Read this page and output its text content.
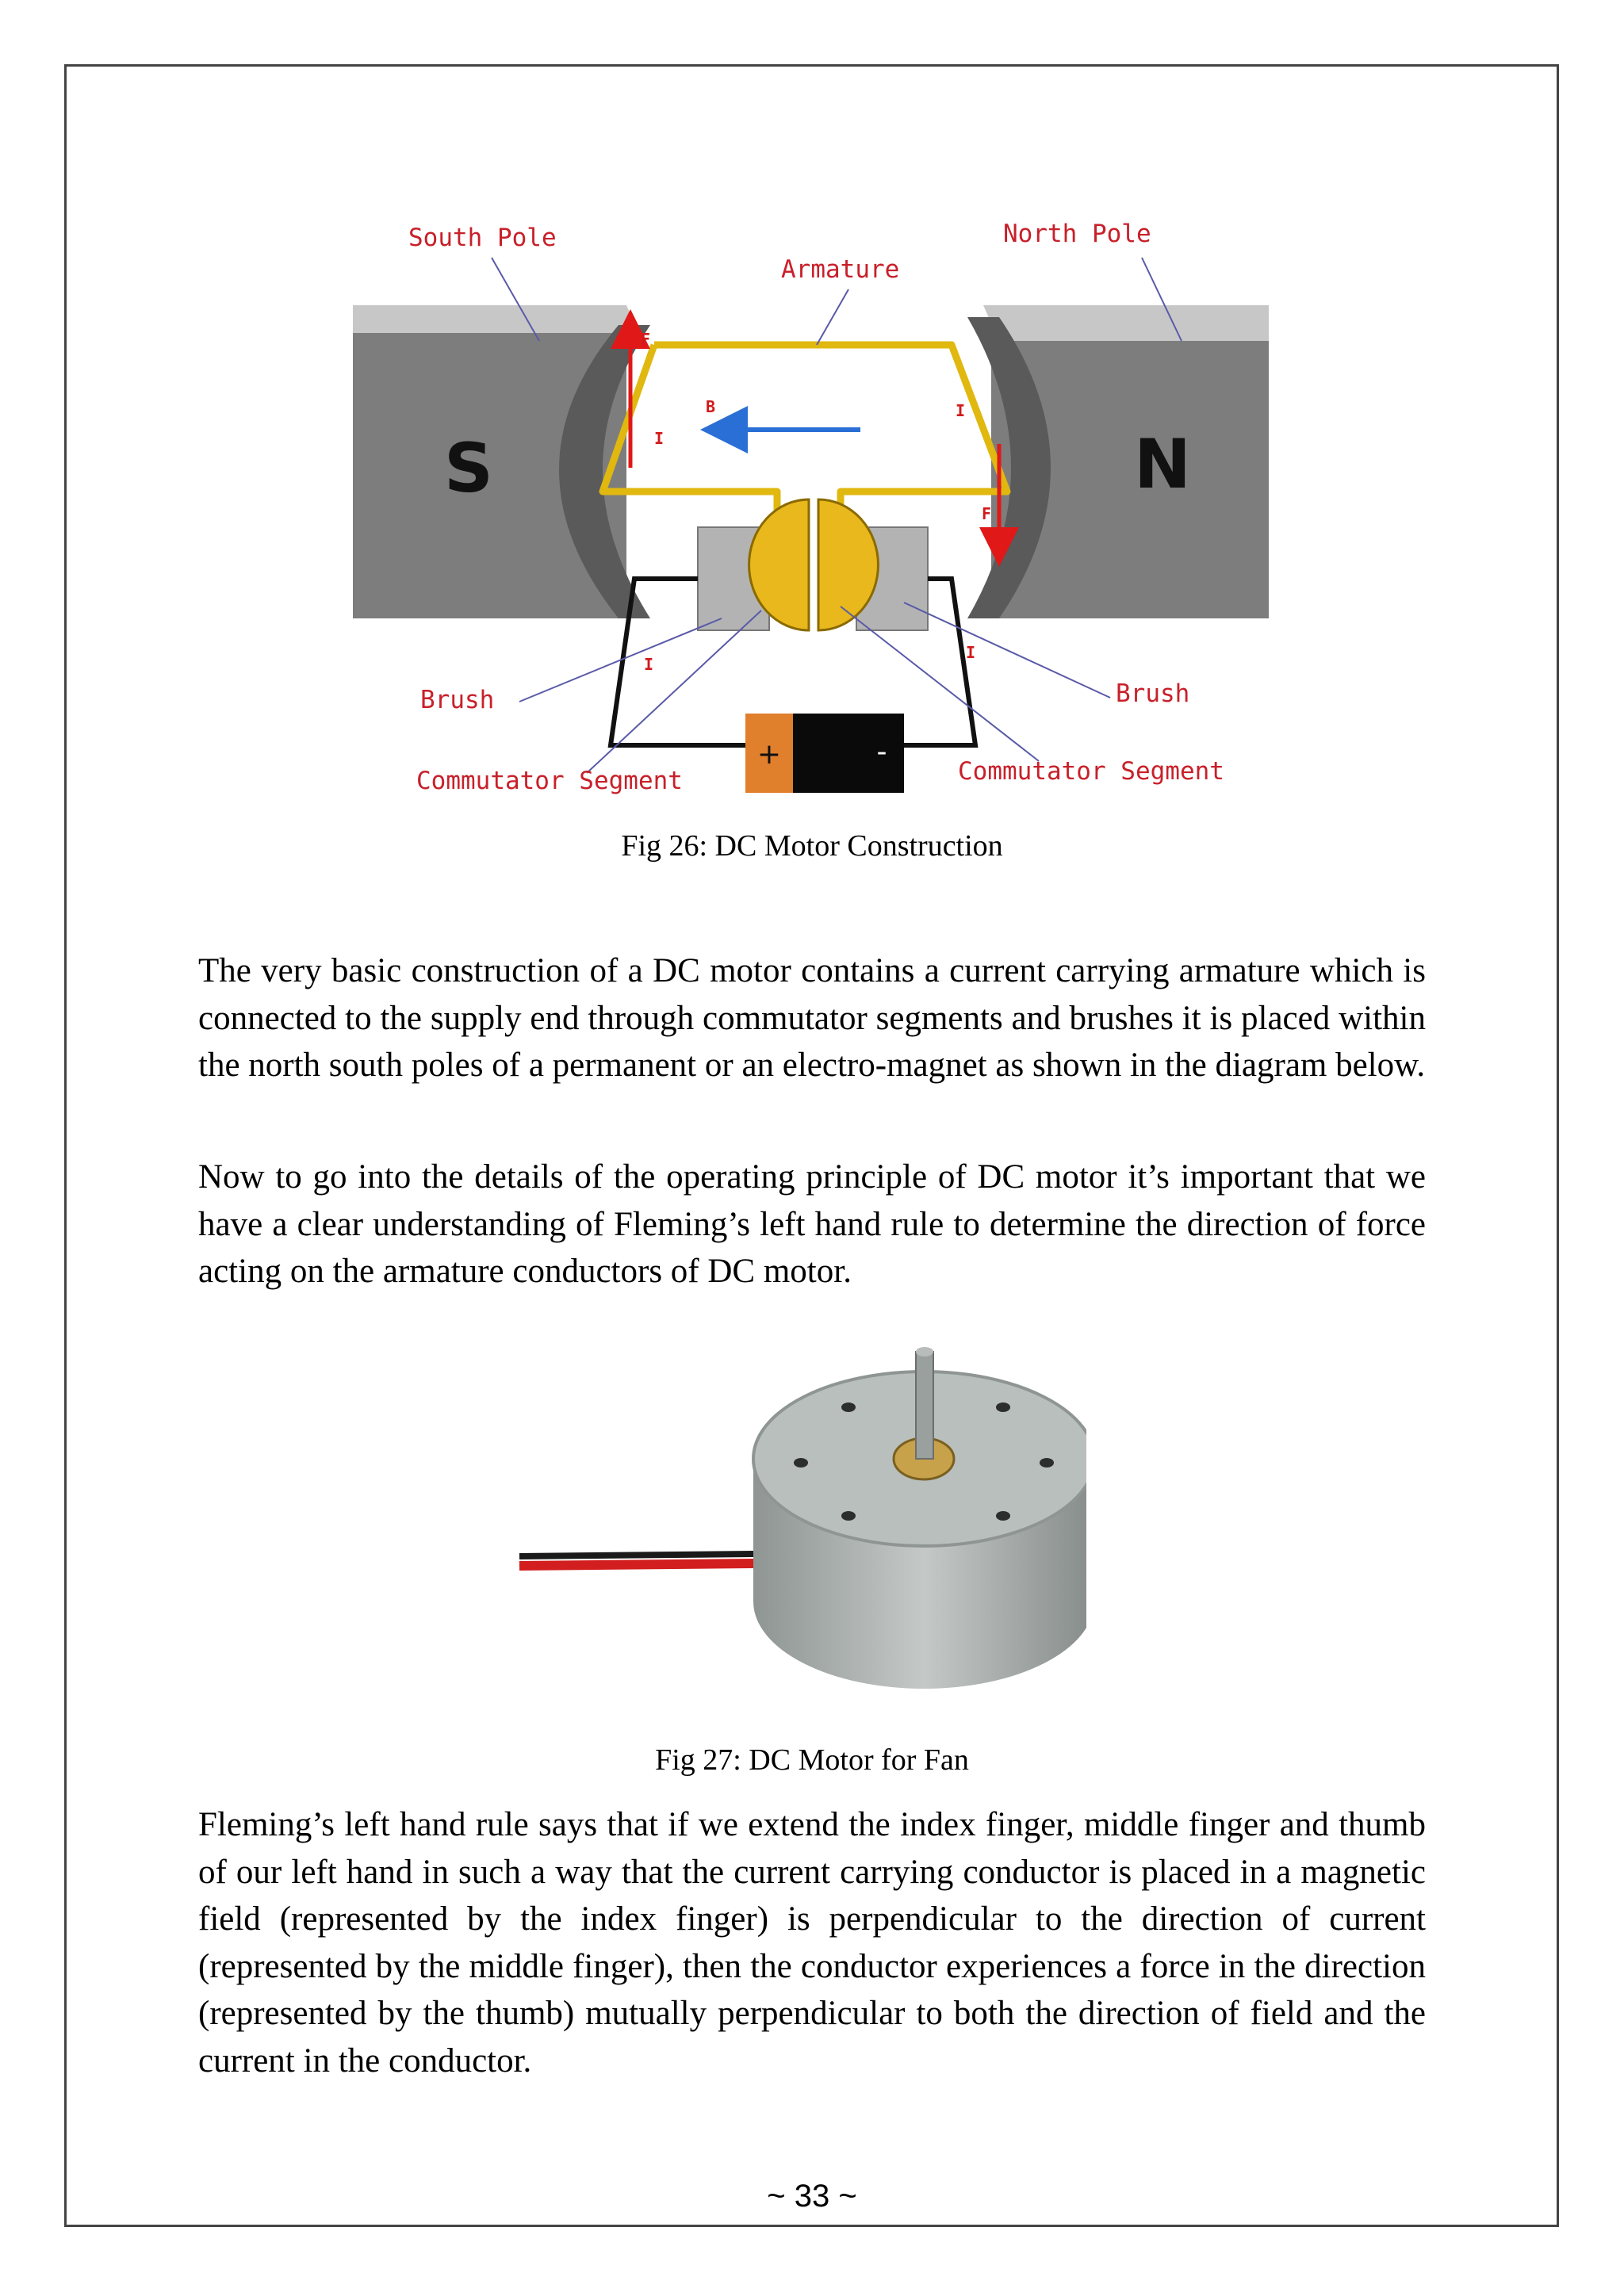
S	N
+	-
B
F
F
I
I
I
I
South Pole	North Pole
Armature
Brush	Brush
Commutator Segment	Commutator Segment
Fig 26: DC Motor Construction

The very basic construction of a DC motor contains a current carrying armature which is connected to the supply end through commutator segments and brushes it is placed within the north south poles of a permanent or an electro-magnet as shown in the diagram below.

Now to go into the details of the operating principle of DC motor it’s important that we have a clear understanding of Fleming’s left hand rule to determine the direction of force acting on the armature conductors of DC motor.

Fig 27: DC Motor for Fan

Fleming’s left hand rule says that if we extend the index finger, middle finger and thumb of our left hand in such a way that the current carrying conductor is placed in a magnetic field (represented by the index finger) is perpendicular to the direction of current (represented by the middle finger), then the conductor experiences a force in the direction (represented by the thumb) mutually perpendicular to both the direction of field and the current in the conductor.

~ 33 ~
